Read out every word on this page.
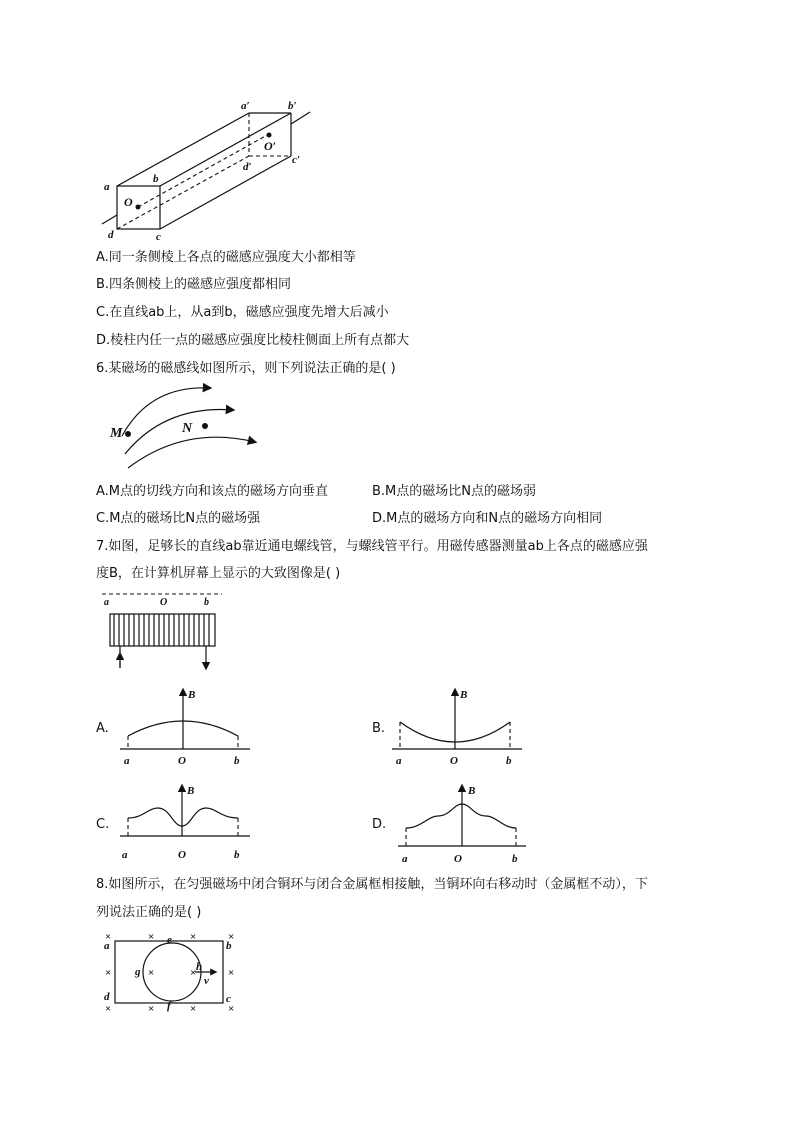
a
b
c
d
O
a′	b′
c′
d′
O′
A.同一条侧棱上各点的磁感应强度大小都相等
B.四条侧棱上的磁感应强度都相同
C.在直线ab上，从a到b，磁感应强度先增大后减小
D.棱柱内任一点的磁感应强度比棱柱侧面上所有点都大
6.某磁场的磁感线如图所示，则下列说法正确的是( )
M	N
A.M点的切线方向和该点的磁场方向垂直	B.M点的磁场比N点的磁场弱
C.M点的磁场比N点的磁场强	D.M点的磁场方向和N点的磁场方向相同
7.如图，足够长的直线ab靠近通电螺线管，与螺线管平行。用磁传感器测量ab上各点的磁感应强
度B，在计算机屏幕上显示的大致图像是( )
a	O	b
A.	B.
C.	D.
B
a	O	b
B
a	O	b
B
a	O	b
B
a	O	b
8.如图所示，在匀强磁场中闭合铜环与闭合金属框相接触，当铜环向右移动时（金属框不动），下
列说法正确的是( )
×	×	×	×
×	×	×	×
×	×	×	×
a	b
c
d
e
f
g	h
v
